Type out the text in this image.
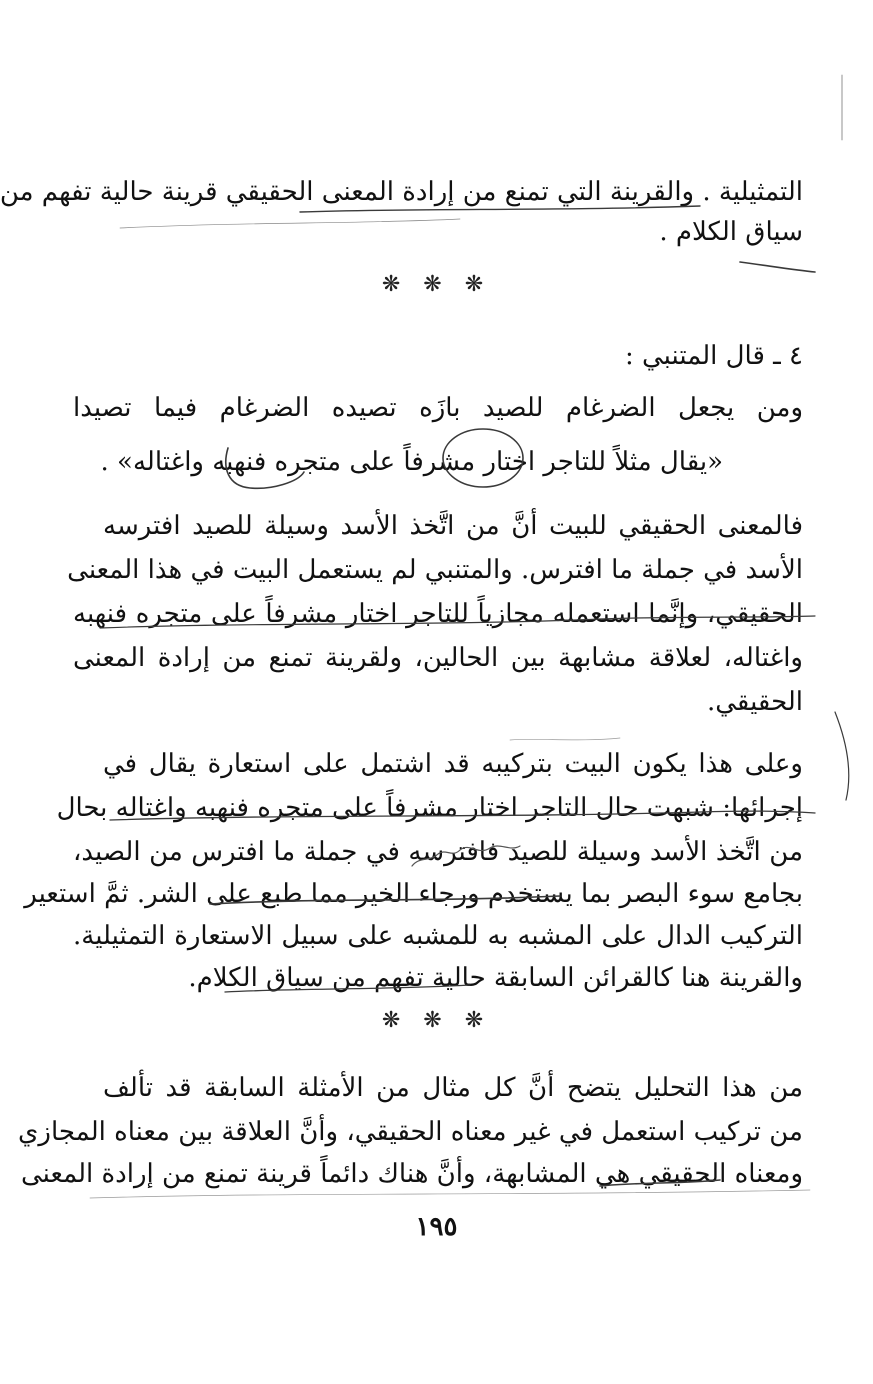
التمثيلية . والقرينة التي تمنع من إرادة المعنى الحقيقي قرينة حالية تفهم من
سياق الكلام .
❋ ❋ ❋
٤ ـ قال المتنبي :
ومن يجعل الضرغام للصيد بازَه تصيده الضرغام فيما تصيدا
«يقال مثلاً للتاجر اختار مشرفاً على متجره فنهبه واغتاله» .
فالمعنى الحقيقي للبيت أنَّ من اتَّخذ الأسد وسيلة للصيد افترسه
الأسد في جملة ما افترس. والمتنبي لم يستعمل البيت في هذا المعنى
الحقيقي، وإنَّما استعمله مجازياً للتاجر اختار مشرفاً على متجره فنهبه
واغتاله، لعلاقة مشابهة بين الحالين، ولقرينة تمنع من إرادة المعنى
الحقيقي.
وعلى هذا يكون البيت بتركيبه قد اشتمل على استعارة يقال في
إجرائها: شبهت حال التاجر اختار مشرفاً على متجره فنهبه واغتاله بحال
من اتَّخذ الأسد وسيلة للصيد فافترسه في جملة ما افترس من الصيد،
بجامع سوء البصر بما يستخدم ورجاء الخير مما طبع على الشر. ثمَّ استعير
التركيب الدال على المشبه به للمشبه على سبيل الاستعارة التمثيلية.
والقرينة هنا كالقرائن السابقة حالية تفهم من سياق الكلام.
❋ ❋ ❋
من هذا التحليل يتضح أنَّ كل مثال من الأمثلة السابقة قد تألف
من تركيب استعمل في غير معناه الحقيقي، وأنَّ العلاقة بين معناه المجازي
ومعناه الحقيقي هي المشابهة، وأنَّ هناك دائماً قرينة تمنع من إرادة المعنى
١٩٥
